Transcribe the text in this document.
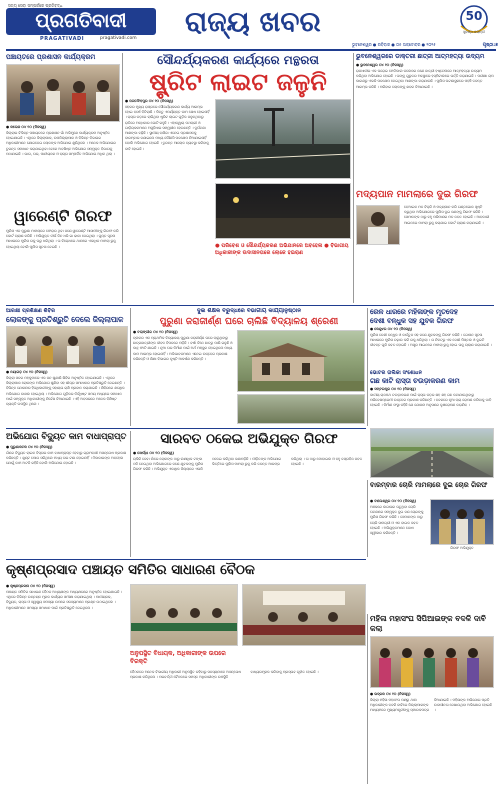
ସତ୍ୟ ସେବା ସମ୍ପର୍କରେ ପ୍ରତିବଦ୍ଧ
ପ୍ରଗତିବାଦୀ
PRAGATIVADI	pragativadi.com
ରାଜ୍ୟ ଖବର	50
ସୁବର୍ଣ୍ଣ ଜୟନ୍ତୀ
ଭୁବନେଶ୍ୱର ● ରବିବାର ● ୦୫ ଅକ୍ଟୋବର ● ୨୦୨୫	ପୃଷ୍ଠା:୭
ପଞ୍ଚାୟତରେ ପ୍ରଶାସନ କାର୍ଯ୍ୟକ୍ରମ
● କଲେଜ ୦୪ ୧୦ (ନିଜସ୍ୱ)
ଜିଲ୍ଲାର ବିଭିନ୍ନ ପଞ୍ଚାୟତରେ ପ୍ରଶାସନ ଗାଁ ଅଭିମୁଖେ କାର୍ଯ୍ୟକ୍ରମ ଅନୁଷ୍ଠିତ ହୋଇଯାଇଛି । ଏଥିରେ ଜିଲ୍ଲାପାଳ, ଉପଜିଲ୍ଲାପାଳ ଓ ବିଭିନ୍ନ ବିଭାଗର ଅଧିକାରୀମାନେ ଯୋଗଦେଇ ଲୋକଙ୍କ ଅଭିଯୋଗ ଶୁଣିଥିଲେ । ଅନେକ ଅଭିଯୋଗର ତୁରନ୍ତ ସମାଧାନ କରାଯାଇଥିବା ବେଳେ ଅବଶିଷ୍ଟ ଅଭିଯୋଗ ସମ୍ପୃକ୍ତ ବିଭାଗକୁ ପଠାଯାଇଛି । ଭାତା, ଘର, ପାନୀୟଜଳ ଓ ରାସ୍ତା ସମ୍ପର୍କିତ ଅଭିଯୋଗ ଅଧିକ ଥିଲା ।
ୱାରେଣ୍ଟି ଗିରଫ
ପୁଲିସ ଏକ ପୁରୁଣା ମାମଲାରେ ଫେରାର ଥିବା ଜଣେ ୱାରେଣ୍ଟି ଆସାମୀଙ୍କୁ ଗିରଫ କରି କୋର୍ଟ ଚାଲାଣ କରିଛି । ଅଭିଯୁକ୍ତ ଦୀର୍ଘ ଦିନ ଧରି ଗା ଢାକା ଦେଇଥିଲା । ଗୁପ୍ତ ସୂଚନା ଆଧାରରେ ପୁଲିସ ତାକୁ ଘରୁ ଧରିଥିଲା । ତା ବିରୋଧରେ ଥାନାରେ ଏକାଧିକ ମାମଲା ରୁଜୁ ହୋଇଥିଲା ବୋଲି ପୁଲିସ ସୂଚନା ଦେଇଛି ।
ସୌନ୍ଦର୍ଯ୍ୟକରଣ କାର୍ଯ୍ୟରେ ମନ୍ଥରତା
ଷ୍ଟ୍ରିଟ ଲାଇଟ ଜଳୁନି
● ଜଗତସିଂହପୁର ୦୪ ୧୦ (ନିଜସ୍ୱ)
ସହରର ମୁଖ୍ୟ ରାସ୍ତାରେ ସୌନ୍ଦର୍ଯ୍ୟକରଣ କାର୍ଯ୍ୟ ଆରମ୍ଭ ହୋଇ ବର୍ଷେ ବିତିଲାଣି । କିନ୍ତୁ ଏପର୍ଯ୍ୟନ୍ତ କାମ ଶେଷ ହୋଇନାହିଁ । ରାସ୍ତା କଡ଼ରେ ଲାଗିଥିବା ଷ୍ଟ୍ରିଟ ଲାଇଟ ଗୁଡ଼ିକ ଜଳୁନଥିବାରୁ ରାତିରେ ଅନ୍ଧକାର ଘୋଟି ରହୁଛି । ଏହାଦ୍ୱାରା ପଥଚାରୀ ଓ ଗାଡ଼ିଚାଳକମାନେ ଅସୁବିଧାର ସମ୍ମୁଖୀନ ହେଉଛନ୍ତି । ଦୁର୍ଘଟଣା ଆଶଙ୍କା ବଢ଼ିଛି । ସ୍ଥାନୀୟ ବାସିନ୍ଦା ଏନେଇ ପ୍ରଶାସନକୁ ବାରମ୍ବାର ଜଣାଇଲେ ମଧ୍ୟ କୌଣସି ପଦକ୍ଷେପ ନିଆଯାଇନାହିଁ ବୋଲି ଅଭିଯୋଗ ହୋଇଛି । ତୁରନ୍ତ ଆଲୋକ ବ୍ୟବସ୍ଥା କରିବାକୁ ଦାବି ହୋଇଛି ।
● ପରିବେଶ ଓ ସୌନ୍ଦର୍ଯ୍ୟକରଣ ଅଭିଯାନରେ ଅବହେଳା ● ବିଭାଗୀୟ ଅଧିକାରୀଙ୍କ ଉଦାସୀନତାରେ ଲୋକେ ହଇରାଣ
ଭୁବନେଶ୍ୱରରେ ଡାକ୍ତରୀ ଛାତ୍ରୀ ଆତ୍ମହତ୍ୟା ଉଦ୍ୟମ
● ଭୁବନେଶ୍ୱର ୦୪ ୧୦ (ନିଜସ୍ୱ)
ରାଜଧାନୀର ଏକ ଘରୋଇ ମେଡିକାଲ କଲେଜର ଜଣେ ଛାତ୍ରୀ ହଷ୍ଟେଲରେ ଆତ୍ମହତ୍ୟା ଉଦ୍ୟମ କରିଥିବା ଅଭିଯୋଗ ହୋଇଛି । ତାଙ୍କୁ ଗୁରୁତର ଅବସ୍ଥାରେ ହସ୍ପିଟାଲରେ ଭର୍ତ୍ତି କରାଯାଇଛି । ପରୀକ୍ଷା ଚାପ କାରଣରୁ ଏଭଳି ପଦକ୍ଷେପ ନେଇଥିବା ଆଶଙ୍କା କରାଯାଉଛି । ପୁଲିସ ଘଟଣାସ୍ଥଳରେ ପହଞ୍ଚି ତଦନ୍ତ ଆରମ୍ଭ କରିଛି । ପରିବାର ଲୋକଙ୍କୁ ଖବର ଦିଆଯାଇଛି ।
ମଦ୍ୟପାନ ମାମଲାରେ ଦୁଇ ଗିରଫ
ବେଆଇନ ମଦ ବିକ୍ରି ଓ ମଦ୍ୟପାନ କରି ଗଣ୍ଡଗୋଳ ସୃଷ୍ଟି କରୁଥିବା ଅଭିଯୋଗରେ ପୁଲିସ ଦୁଇ ଜଣଙ୍କୁ ଗିରଫ କରିଛି । ସେମାନଙ୍କ ଠାରୁ ବହୁ ପରିମାଣର ମଦ ଜବତ ହୋଇଛି । ଆବକାରୀ ଆଇନରେ ମାମଲା ରୁଜୁ କରାଯାଇ କୋର୍ଟ ଚାଲାଣ କରାଯାଇଛି ।
ଆରକ୍ଷୀ ପ୍ରଶିକ୍ଷଣ ଶିବିର
ଲୋକଙ୍କୁ ପ୍ରତିଶ୍ରୁତି ଦେଲେ ଜିଲ୍ଲାପାଳ
● ନୟାଗଡ଼ ୦୪ ୧୦ (ନିଜସ୍ୱ)
ଜିଲ୍ଲା ସଦର ମହକୁମାରେ ଏକ ଜନ ଶୁଣାଣି ଶିବିର ଅନୁଷ୍ଠିତ ହୋଇଯାଇଛି । ଏଥିରେ ଜିଲ୍ଲାପାଳ ଲୋକଙ୍କ ଅଭିଯୋଗ ଶୁଣିବା ସହ ଶୀଘ୍ର ସମାଧାନର ପ୍ରତିଶ୍ରୁତି ଦେଇଛନ୍ତି । ବିଭିନ୍ନ ଯୋଜନାର ହିତାଧିକାରୀଙ୍କୁ ସହାୟତା ରାଶି ପ୍ରଦାନ କରାଯାଇଛି । ଶିବିରରେ ଶତାଧିକ ଅଭିଯୋଗ ଦାଖଲ ହୋଇଥିଲା । ଅଭିଯୋଗ ଗୁଡ଼ିକର ନିର୍ଦ୍ଧିଷ୍ଟ ସମୟ ମଧ୍ୟରେ ସମାଧାନ ପାଇଁ ସମ୍ପୃକ୍ତ ଅଧିକାରୀଙ୍କୁ ନିର୍ଦ୍ଦେଶ ଦିଆଯାଇଛି । ଏହି ଅବସରରେ ଅନେକ ବିଶିଷ୍ଟ ବ୍ୟକ୍ତି ଉପସ୍ଥିତ ଥିଲେ ।
ଦୁଇ ଶିକ୍ଷକ ବିରୁଦ୍ଧରେ ବିଭାଗୀୟ କାର୍ଯ୍ୟାନୁଷ୍ଠାନ
ପୁରୁଣା ଜରାଜୀର୍ଣ୍ଣ ଘରେ ଚାଲିଛି ବିଦ୍ୟାଳୟ ଶ୍ରେଣୀ
● ବଲାଙ୍ଗୀର ୦୪ ୧୦ (ନିଜସ୍ୱ)
ବ୍ଲକର ଏକ ପ୍ରାଥମିକ ବିଦ୍ୟାଳୟ ପୁରୁଣା ଜରାଜୀର୍ଣ୍ଣ ଘରେ ଚାଲୁଥିବାରୁ ଛାତ୍ରଛାତ୍ରୀଙ୍କ ଜୀବନ ବିପଦରେ ପଡ଼ିଛି । ବର୍ଷା ଦିନେ ଛାତରୁ ପାଣି ଗଳୁଛି ଓ କାନ୍ଥ ଫାଟି ଯାଇଛି । ନୂଆ ଘର ନିର୍ମାଣ ପାଇଁ ଅର୍ଥ ମଞ୍ଜୁର ହୋଇଥିଲେ ମଧ୍ୟ କାମ ଆରମ୍ଭ ହୋଇନାହିଁ । ଅଭିଭାବକମାନେ ଏନେଇ ଉଦ୍‌ବେଗ ପ୍ରକାଶ କରିଛନ୍ତି ଓ ଶିକ୍ଷା ବିଭାଗର ଦୃଷ୍ଟି ଆକର୍ଷଣ କରିଛନ୍ତି ।
ରେଳ ଧାରରେ ମହିଳାଙ୍କ ମୃତଦେହ
ଦେଶୀ ବନ୍ଧୁକ ସହ ଯୁବକ ଗିରଫ
● କେନ୍ଦୁଝର ୦୪ ୧୦ (ନିଜସ୍ୱ)
ପୁଲିସ ଦେଶୀ ବନ୍ଧୁକ ଓ କାର୍ତ୍ତୁଜ ସହ ଜଣେ ଯୁବକଙ୍କୁ ଗିରଫ କରିଛି । ଗୋପନ ସୂଚନା ଆଧାରରେ ପୁଲିସ ଚଢ଼ାଉ କରି ତାକୁ ଧରିଥିଲା । ତା ନିକଟରୁ ଏକ ଦେଶୀ ପିସ୍ତଲ ଓ ଦୁଇଟି ଜୀବନ୍ତ ଗୁଳି ଜବତ ହୋଇଛି । ଅସ୍ତ୍ର ଆଇନରେ ମାମଲା ରୁଜୁ ହୋଇ ତାକୁ ଚାଲାଣ କରାଯାଇଛି ।
ଭୋଟର ତାଲିକା ସଂଶୋଧନ
ଗଛ କାଟି ରାସ୍ତା ଚଉଡ଼ାକରଣ କାମ
● ସମ୍ବଲପୁର ୦୪ ୧୦ (ନିଜସ୍ୱ)
ଜାତୀୟ ରାଜପଥ ଚଉଡ଼ାକରଣ ପାଇଁ ରାସ୍ତା କଡ଼ର ଶହ ଶହ ଗଛ କଟାଯାଉଥିବାରୁ ପରିବେଶପ୍ରେମୀ ଉଦ୍‌ବେଗ ପ୍ରକାଶ କରିଛନ୍ତି । ବଦଳରେ ନୂଆ ଚାରା ରୋପଣ କରିବାକୁ ଦାବି ହୋଇଛି । ନିର୍ମାଣ ସଂସ୍ଥା କହିଛି ଯେ ଯୋଜନା ଅନୁସାରେ ବୃକ୍ଷରୋପଣ କରାଯିବ ।
ଅଭିଯୋଗ ବିଦ୍ୟୁତ କାମ ବାଧାପ୍ରାପ୍ତ
● ପୁରୁଣାକଟକ ୦୪ ୧୦ (ନିଜସ୍ୱ)
ଗାଁରେ ବିଦ୍ୟୁତ ଲାଇନ ବିସ୍ତାର କାମ ବାଧାପ୍ରାପ୍ତ ହେବାରୁ ଗ୍ରାମବାସୀ ଅସନ୍ତୋଷ ପ୍ରକାଶ କରିଛନ୍ତି । ଖୁଣ୍ଟ ପୋତା ସରିଥିଲେ ମଧ୍ୟ ତାର ଟଣା ହୋଇନାହିଁ । ଠିକାଦାରଙ୍କ ଅବହେଳା ଯୋଗୁଁ କାମ ଅଟକି ରହିଛି ବୋଲି ଅଭିଯୋଗ ହୋଇଛି ।
ସାରବତ ଠକେଇ ଅଭିଯୁକ୍ତ ଗିରଫ
● ଖୋର୍ଦ୍ଧା ୦୪ ୧୦ (ନିଜସ୍ୱ)
ଚାକିରି ଦେବା ନାଁରେ ଲୋକଙ୍କ ଠାରୁ ଲକ୍ଷାଧିକ ଟଙ୍କା ଠକି ନେଇଥିବା ଅଭିଯୋଗରେ ଜଣେ ଯୁବକଙ୍କୁ ପୁଲିସ ଗିରଫ କରିଛି । ଅଭିଯୁକ୍ତ ଏକାଧିକ ଜିଲ୍ଲାରେ ଏଭଳି ଠକେଇ କରିଥିବା ଜଣାପଡ଼ିଛି । ପୀଡ଼ିତଙ୍କ ଅଭିଯୋଗ ଭିତ୍ତିରେ ପୁଲିସ ମାମଲା ରୁଜୁ କରି ତଦନ୍ତ ଆରମ୍ଭ କରିଥିଲା । ତା ଠାରୁ ମୋବାଇଲ ଓ ବହୁ ଦସ୍ତାବିଜ ଜବତ ହୋଇଛି ।
ବାରମ୍ବାର ଚୋରି ମାମଲାରେ ଦୁଇ ଚୋର ଗିରଫ
● ବାଲେଶ୍ୱର ୦୪ ୧୦ (ନିଜସ୍ୱ)
ଅଞ୍ଚଳରେ ଲଗାତାର ଘଟୁଥିବା ଚୋରି ଘଟଣାରେ ସମ୍ପୃକ୍ତ ଦୁଇ ଜଣ ଚୋରଙ୍କୁ ପୁଲିସ ଗିରଫ କରିଛି । ସେମାନଙ୍କ ଠାରୁ ଚୋରି ସାମଗ୍ରୀ ଓ ଏକ ବାଇକ ଜବତ ହୋଇଛି । ଅଭିଯୁକ୍ତମାନେ ଦୋଷ ସ୍ୱୀକାର କରିଛନ୍ତି ।
ଗିରଫ ଅଭିଯୁକ୍ତ
କୃଷ୍ଣପ୍ରସାଦ ପଞ୍ଚାୟତ ସମିତିର ସାଧାରଣ ବୈଠକ
● କୃଷ୍ଣପ୍ରସାଦ ୦୪ ୧୦ (ନିଜସ୍ୱ)
ପଞ୍ଚାୟତ ସମିତିର ସାଧାରଣ ବୈଠକ ଅଧ୍ୟକ୍ଷଙ୍କ ଅଧ୍ୟକ୍ଷତାରେ ଅନୁଷ୍ଠିତ ହୋଇଯାଇଛି । ଏଥିରେ ବିଭିନ୍ନ ଉନ୍ନୟନ ମୂଳକ କାର୍ଯ୍ୟର ସମୀକ୍ଷା କରାଯାଇଥିଲା । ପାନୀୟଜଳ, ବିଦ୍ୟୁତ, ରାସ୍ତା ଓ ସ୍ୱାସ୍ଥ୍ୟ ସମସ୍ୟା ଉପରେ ସଦସ୍ୟମାନେ ପ୍ରଶ୍ନ ଉଠାଇଥିଲେ । ଅଧିକାରୀମାନେ ସମସ୍ୟା ସମାଧାନ ପାଇଁ ପ୍ରତିଶ୍ରୁତି ଦେଇଥିଲେ ।
ଅନୁପସ୍ଥିତ ବିଧାୟକ, ଅଧିକାରୀଙ୍କ ଉପରେ ବିରକ୍ତି
ବୈଠକରେ ଅନେକ ବିଭାଗୀୟ ଅଧିକାରୀ ଅନୁପସ୍ଥିତ ରହିବାରୁ ସଦସ୍ୟମାନେ ଅସନ୍ତୋଷ ପ୍ରକାଶ କରିଥିଲେ । ପରବର୍ତ୍ତୀ ବୈଠକରେ ସମସ୍ତ ଅଧିକାରୀଙ୍କ ଉପସ୍ଥିତି ବାଧ୍ୟତାମୂଳକ କରିବାକୁ ପ୍ରସ୍ତାବ ଗୃହୀତ ହୋଇଛି ।
ମହିଳା ମହାସଂଘ ସିପିଆଇଙ୍କ ବଦଳି ଦାବି କଲା
● ଭଦ୍ରକ ୦୪ ୧୦ (ନିଜସ୍ୱ)
ଜିଲ୍ଲା ମହିଳା ମହାସଂଘ ପକ୍ଷରୁ ଥାନା ଅଧିକାରୀଙ୍କ ବଦଳି ଦାବିରେ ଜିଲ୍ଲାପାଳଙ୍କ ମାଧ୍ୟମରେ ମୁଖ୍ୟମନ୍ତ୍ରୀଙ୍କୁ ସ୍ମାରକପତ୍ର ଦିଆଯାଇଛି । ମହିଳାଙ୍କ ଅଭିଯୋଗ ପ୍ରତି ଉଦାସୀନତା ଦେଖାଉଥିବା ଅଭିଯୋଗ ହୋଇଛି ।
